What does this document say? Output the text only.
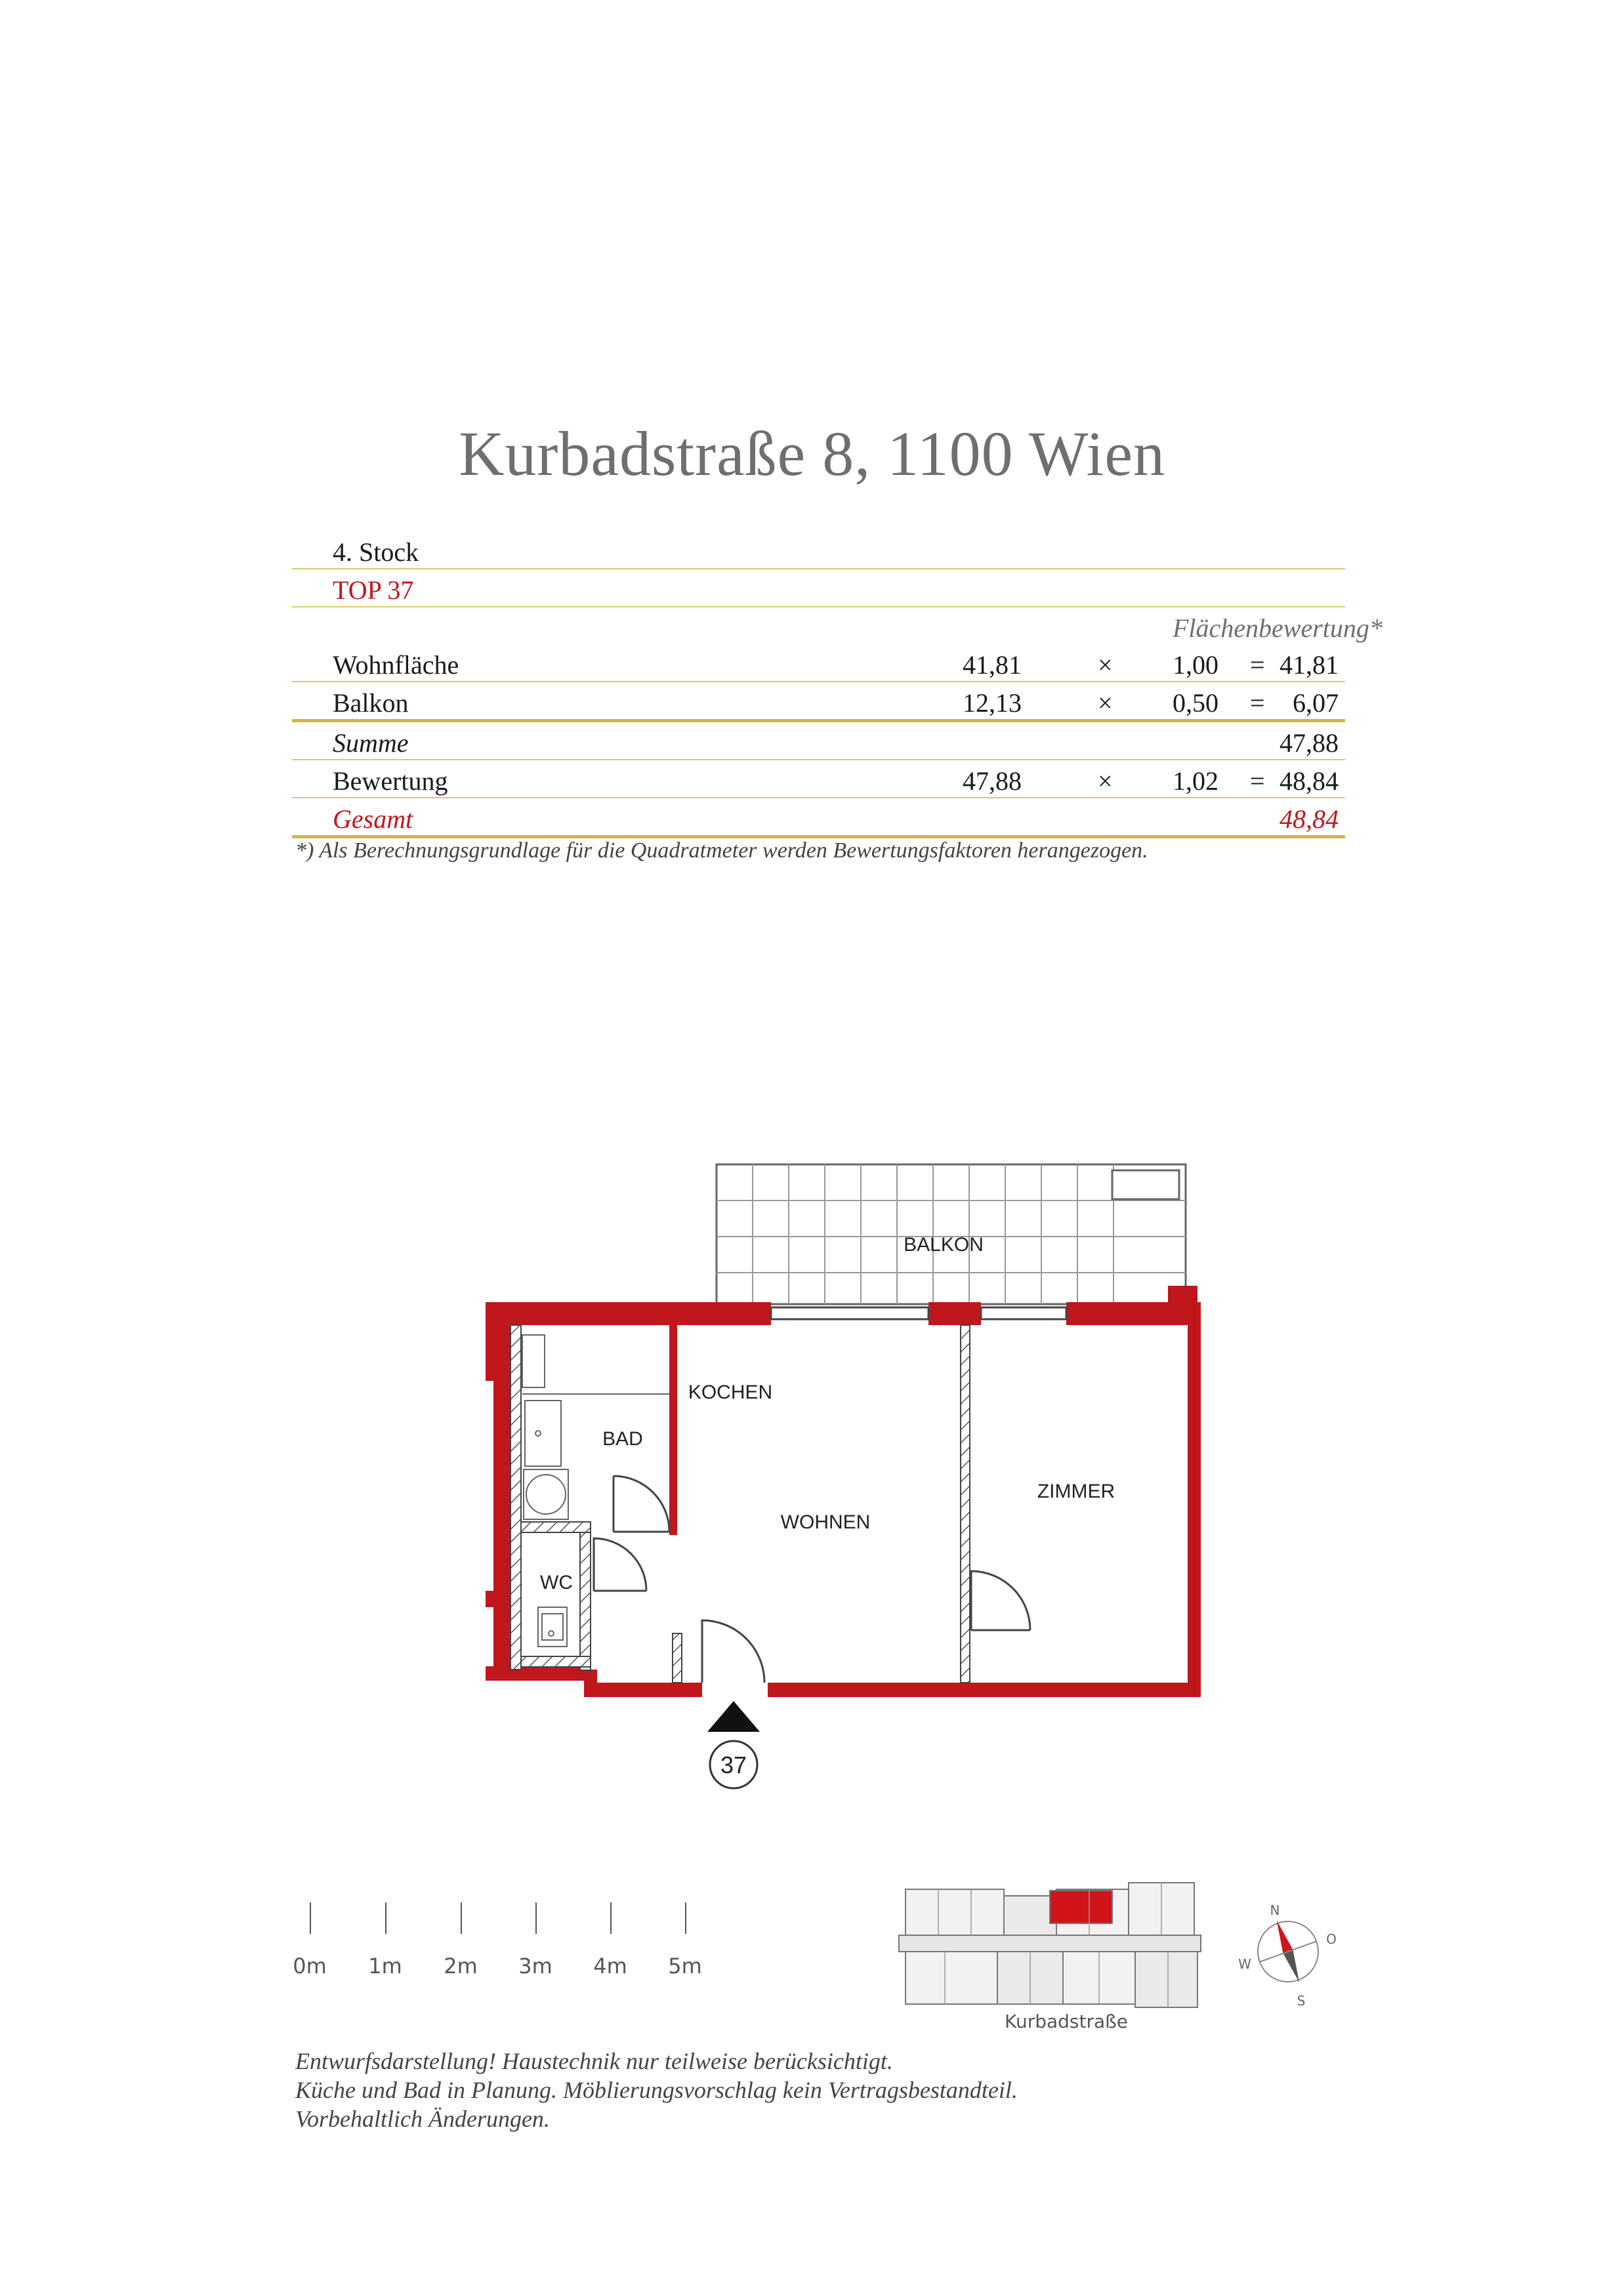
Kurbadstraße 8, 1100 Wien
4. Stock
TOP 37
Flächenbewertung*
Wohnfläche	41,81	× 1,00 = 41,81
Balkon	12,13	× 0,50 = 6,07
Summe	47,88
Bewertung	47,88	× 1,02 = 48,84
Gesamt	48,84
*) Als Berechnungsgrundlage für die Quadratmeter werden Bewertungsfaktoren herangezogen.
37
BALKON
KOCHEN
BAD
WOHNEN
ZIMMER
WC
N
O
S
W
Kurbadstraße
0m 1m 2m 3m 4m 5m
Entwurfsdarstellung! Haustechnik nur teilweise berücksichtigt.
Küche und Bad in Planung. Möblierungsvorschlag kein Vertragsbestandteil.
Vorbehaltlich Änderungen.
